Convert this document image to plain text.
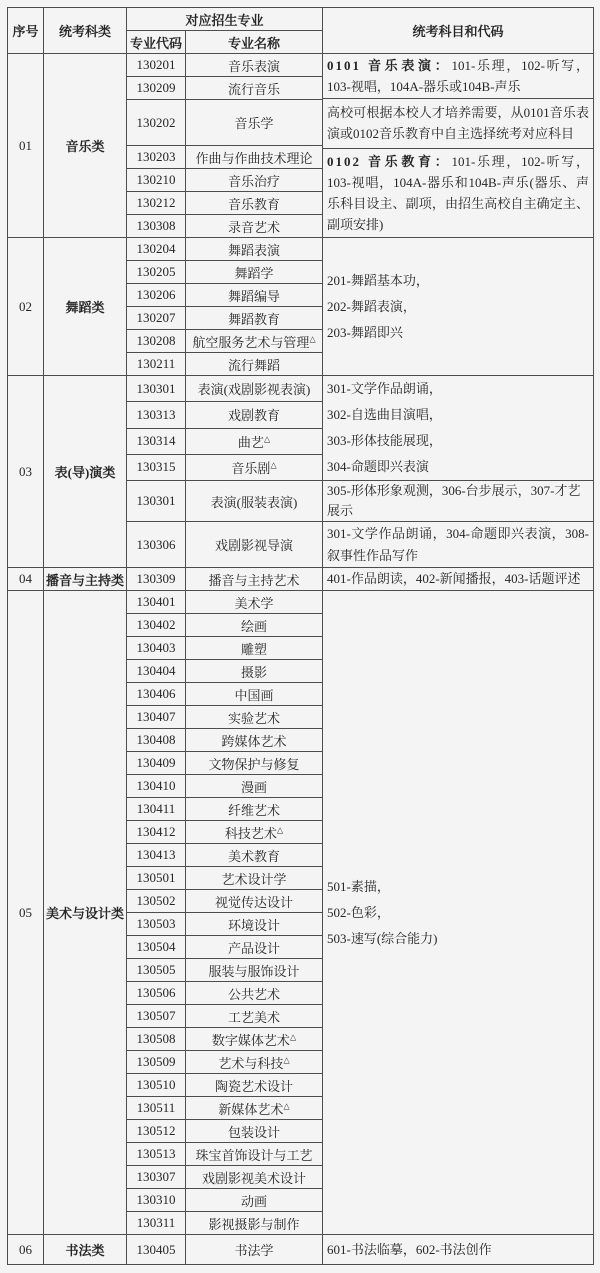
序号	统考科类	对应招生专业		统考科目和代码
		专业代码	专业名称	
01	音乐类	130201	音乐表演	0101 音乐表演：101-乐理，102-听写，103-视唱，104A-器乐或104B-声乐

高校可根据本校人才培养需要，从0101音乐表演或0102音乐教育中自主选择统考对应科目

0102 音乐教育：101-乐理，102-听写，103-视唱，104A-器乐和104B-声乐(器乐、声乐科目设主、副项，由招生高校自主确定主、副项安排)

		130209	流行音乐	
		130202	音乐学	
		130203	作曲与作曲技术理论	
		130210	音乐治疗	
		130212	音乐教育	
		130308	录音艺术	
02	舞蹈类	130204	舞蹈表演	201-舞蹈基本功，

202-舞蹈表演，

203-舞蹈即兴

		130205	舞蹈学	
		130206	舞蹈编导	
		130207	舞蹈教育	
		130208	航空服务艺术与管理△
		130211	流行舞蹈	
03	表(导)演类	130301	表演(戏剧影视表演)	301-文学作品朗诵，

302-自选曲目演唱，

303-形体技能展现，

304-命题即兴表演

		130313	戏剧教育	
		130314	曲艺△
		130315	音乐剧△
		130301	表演(服装表演)	305-形体形象观测，306-台步展示，307-才艺展示

		130306	戏剧影视导演	301-文学作品朗诵，304-命题即兴表演，308-叙事性作品写作

04	播音与主持类	130309	播音与主持艺术	401-作品朗读，402-新闻播报，403-话题评述

05	美术与设计类	130401	美术学	501-素描，

502-色彩，

503-速写(综合能力)

		130402	绘画	
		130403	雕塑	
		130404	摄影	
		130406	中国画	
		130407	实验艺术	
		130408	跨媒体艺术	
		130409	文物保护与修复	
		130410	漫画	
		130411	纤维艺术	
		130412	科技艺术△
		130413	美术教育	
		130501	艺术设计学	
		130502	视觉传达设计	
		130503	环境设计	
		130504	产品设计	
		130505	服装与服饰设计	
		130506	公共艺术	
		130507	工艺美术	
		130508	数字媒体艺术△
		130509	艺术与科技△
		130510	陶瓷艺术设计	
		130511	新媒体艺术△
		130512	包装设计	
		130513	珠宝首饰设计与工艺	
		130307	戏剧影视美术设计	
		130310	动画	
		130311	影视摄影与制作	
06	书法类	130405	书法学	601-书法临摹，602-书法创作
